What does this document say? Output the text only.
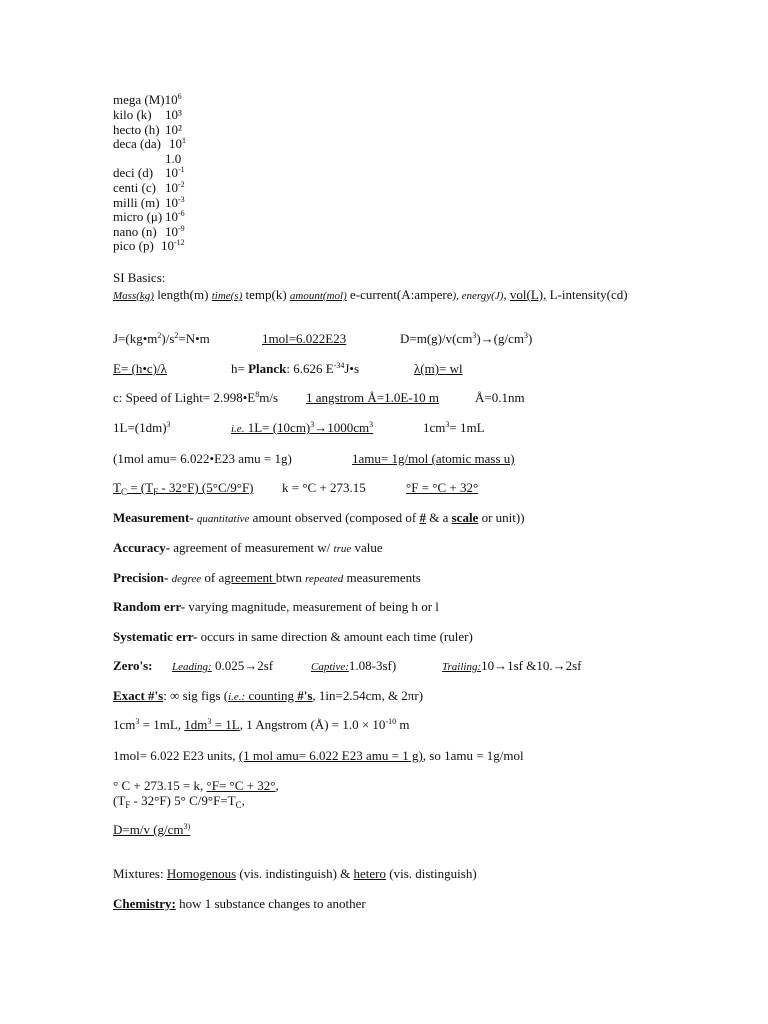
mega $(M)10^6$
kilo (k) 10³
hecto (h) 10²
deca (da) $10^1$
1.0
deci (d) $10^{-1}$
centi (c) $10^{-2}$
milli (m) $10^{-3}$
micro (μ) $10^{-6}$
nano (n) $10^{-9}$
pico (p) $10^{-12}$
SI Basics:
Mass(kg) length(m) time(s) temp(k) amount(mol) e-current(A:ampere), energy(J), vol(L), L-intensity(cd)
$J=(kg•m^2)/s^2=N•m$	1mol=6.022E23	$D=m(g)/v(cm^3)\to(g/cm^3)$
E= (h•c)/λ	h= Planck: 6.626 $E^{-34}J•s$	λ(m)= wl
c: Speed of Light= $2.998•E^8m/s$ 1 angstrom Å=1.0E-10 m	Å=0.1nm
$1L=(1dm)^3$	i.e. $1L= (10cm)^3\to 1000cm^3$	$1cm^3= 1mL$
(1mol amu= 6.022•E23 amu = 1g)	1amu= 1g/mol (atomic mass u)
$T_C = (T_F - 32^\circ F)$ (5°C/9°F) k = °C + 273.15	°F = °C + 32°
Measurement- quantitative amount observed (composed of # & a scale or unit))
Accuracy- agreement of measurement w/ true value
Precision- degree of agreement btwn repeated measurements
Random err- varying magnitude, measurement of being h or l
Systematic err- occurs in same direction & amount each time (ruler)
Zero's: Leading: 0.025→2sf	Captive:1.08-3sf)	Trailing:10→1sf &10.→2sf
Exact #'s: ∞ sig figs (i.e.: counting #'s, 1in=2.54cm, & 2πr)
$1cm^3 = 1mL$, $1dm^3 = 1L$, 1 Angstrom (Å) = $1.0 \times 10^{-10}$ m
1mol= 6.022 E23 units, (1 mol amu= 6.022 E23 amu = 1 g), so 1amu = 1g/mol
° C + 273.15 = k, °F= °C + 32°,
$(T_F - 32^\circ F)$ 5° $C/9^\circ F=T_C$,
D=m/v ($g/cm^{3)}$
Mixtures: Homogenous (vis. indistinguish) & hetero (vis. distinguish)
Chemistry: how 1 substance changes to another
